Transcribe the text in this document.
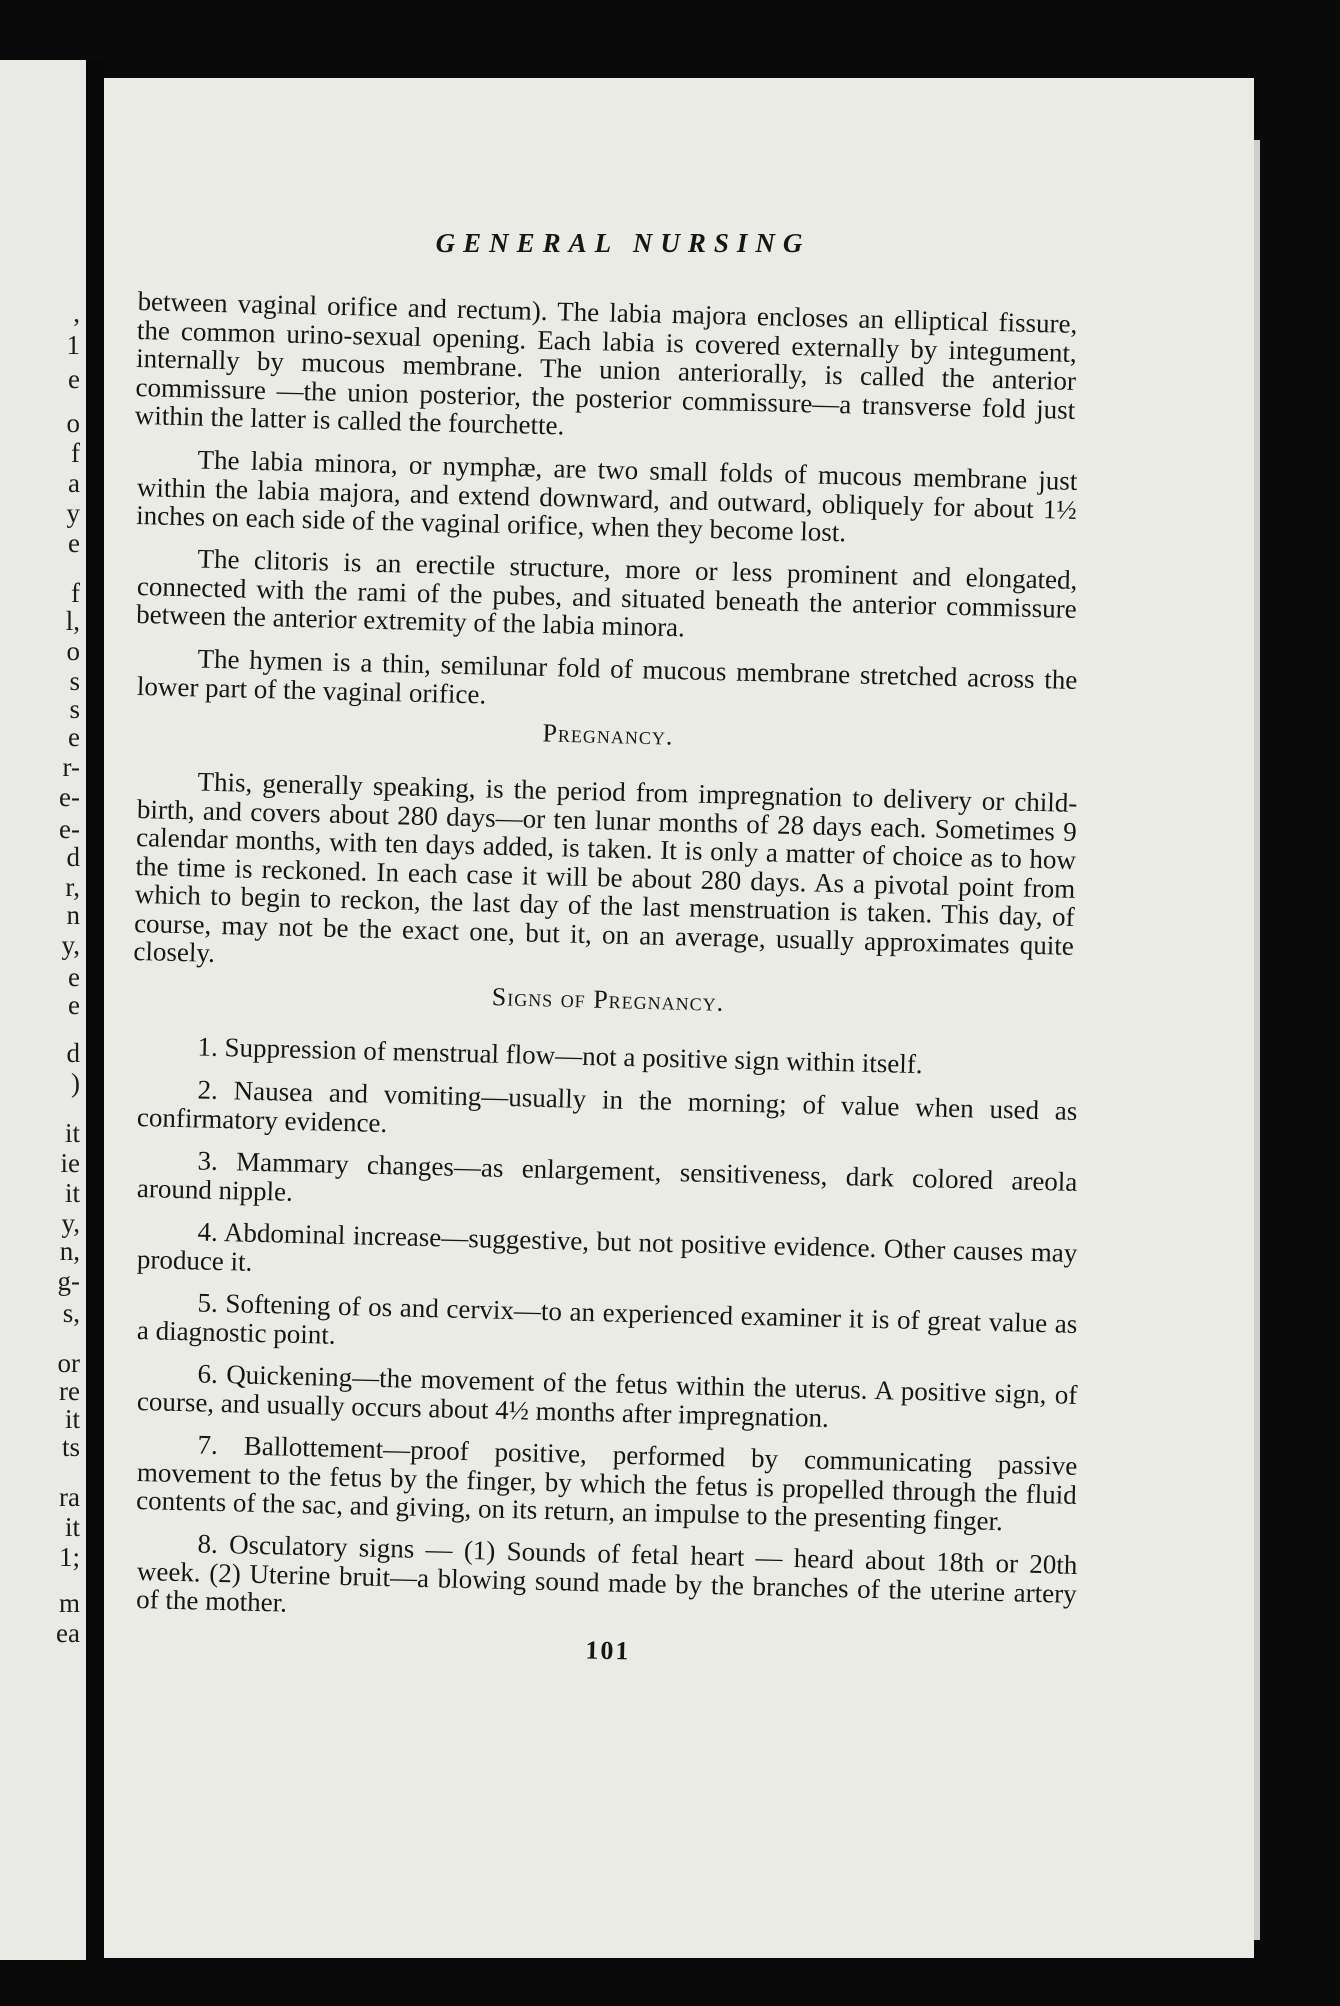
,
1
e
o
f
a
y
e
f
l,
o
s
s
e
r-
e-
e-
d
r,
n
y,
e
e
d
)
it
ie
it
y,
n,
g-
s,
or
re
it
ts
ra
it
1;
m
ea
GENERAL NURSING

between vaginal orifice and rectum). The labia majora encloses an elliptical fissure, the common urino-sexual opening. Each labia is covered externally by integument, internally by mucous membrane. The union anteriorally, is called the anterior commissure —the union posterior, the posterior commissure—a transverse fold just within the latter is called the fourchette.

The labia minora, or nymphæ, are two small folds of mucous membrane just within the labia majora, and extend downward, and outward, obliquely for about 1½ inches on each side of the vaginal orifice, when they become lost.

The clitoris is an erectile structure, more or less prominent and elongated, connected with the rami of the pubes, and situated beneath the anterior commissure between the anterior extremity of the labia minora.

The hymen is a thin, semilunar fold of mucous membrane stretched across the lower part of the vaginal orifice.

Pregnancy.

This, generally speaking, is the period from impregnation to delivery or child-birth, and covers about 280 days—or ten lunar months of 28 days each. Sometimes 9 calendar months, with ten days added, is taken. It is only a matter of choice as to how the time is reckoned. In each case it will be about 280 days. As a pivotal point from which to begin to reckon, the last day of the last menstruation is taken. This day, of course, may not be the exact one, but it, on an average, usually approximates quite closely.

Signs of Pregnancy.

1. Suppression of menstrual flow—not a positive sign within itself.

2. Nausea and vomiting—usually in the morning; of value when used as confirmatory evidence.

3. Mammary changes—as enlargement, sensitiveness, dark colored areola around nipple.

4. Abdominal increase—suggestive, but not positive evidence. Other causes may produce it.

5. Softening of os and cervix—to an experienced examiner it is of great value as a diagnostic point.

6. Quickening—the movement of the fetus within the uterus. A positive sign, of course, and usually occurs about 4½ months after impregnation.

7. Ballottement—proof positive, performed by communicating passive movement to the fetus by the finger, by which the fetus is propelled through the fluid contents of the sac, and giving, on its return, an impulse to the presenting finger.

8. Osculatory signs — (1) Sounds of fetal heart — heard about 18th or 20th week. (2) Uterine bruit—a blowing sound made by the branches of the uterine artery of the mother.

101
